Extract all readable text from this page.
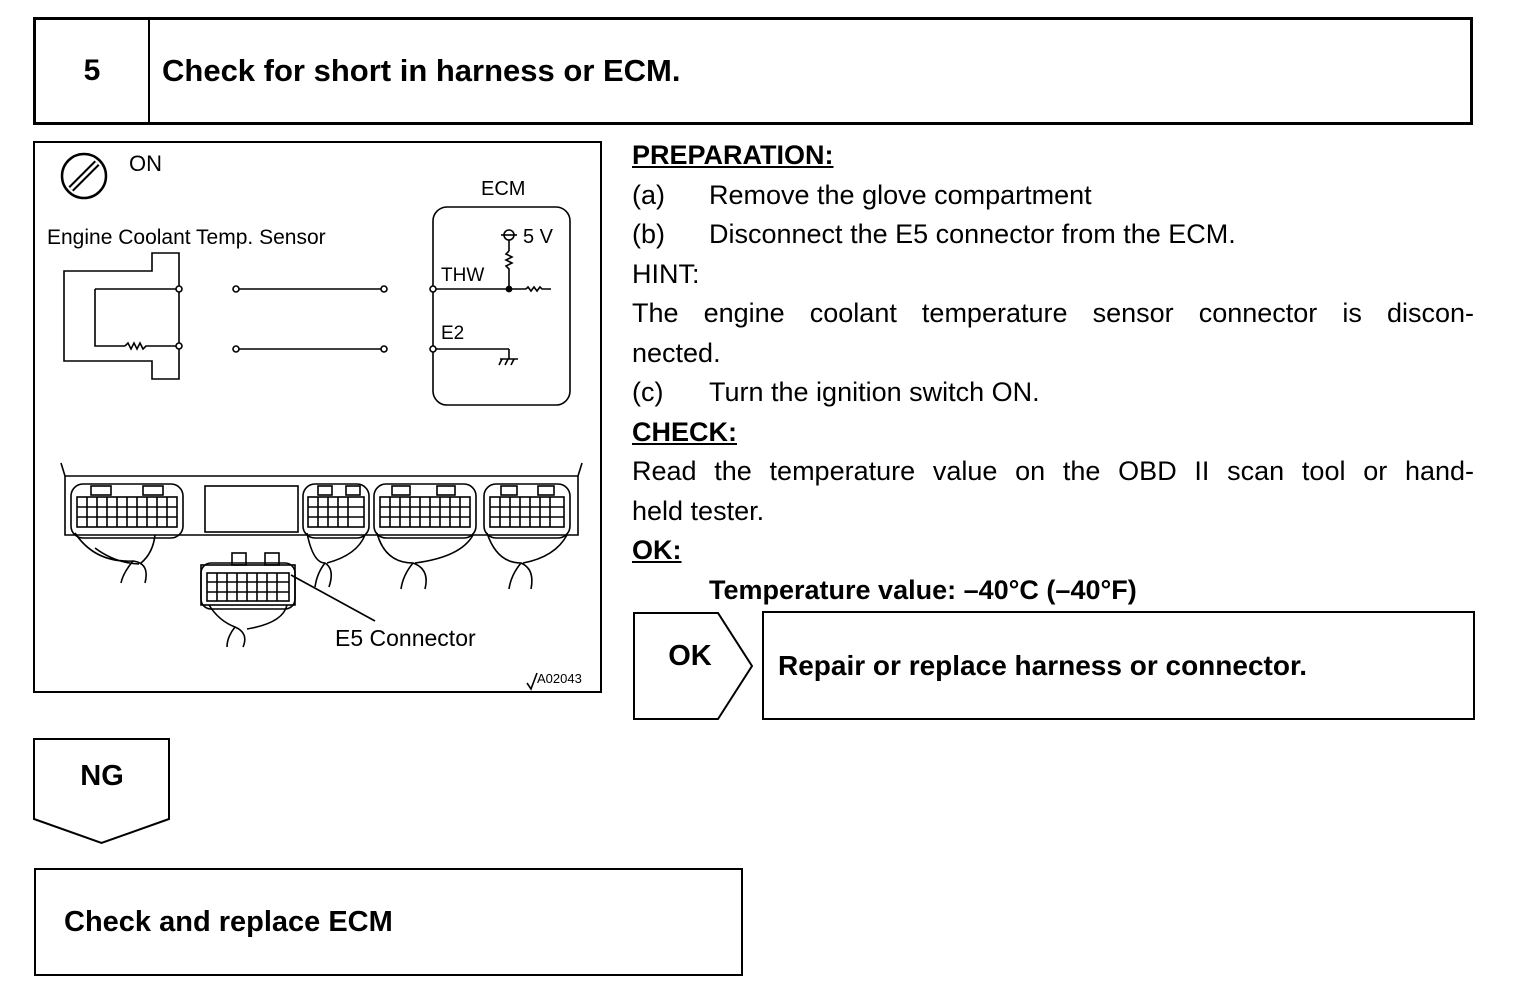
5	Check for short in harness or ECM.
ON
ECM
Engine Coolant Temp. Sensor	5 V
THW
E2
E5 Connector
A02043
PREPARATION:
(a)	Remove the glove compartment
(b)	Disconnect the E5 connector from the ECM.
HINT:
The engine coolant temperature sensor connector is discon-
nected.
(c)	Turn the ignition switch ON.
CHECK:
Read the temperature value on the OBD II scan tool or hand-
held tester.
OK:
Temperature value: –40°C (–40°F)
OK	Repair or replace harness or connector.
NG
Check and replace ECM
